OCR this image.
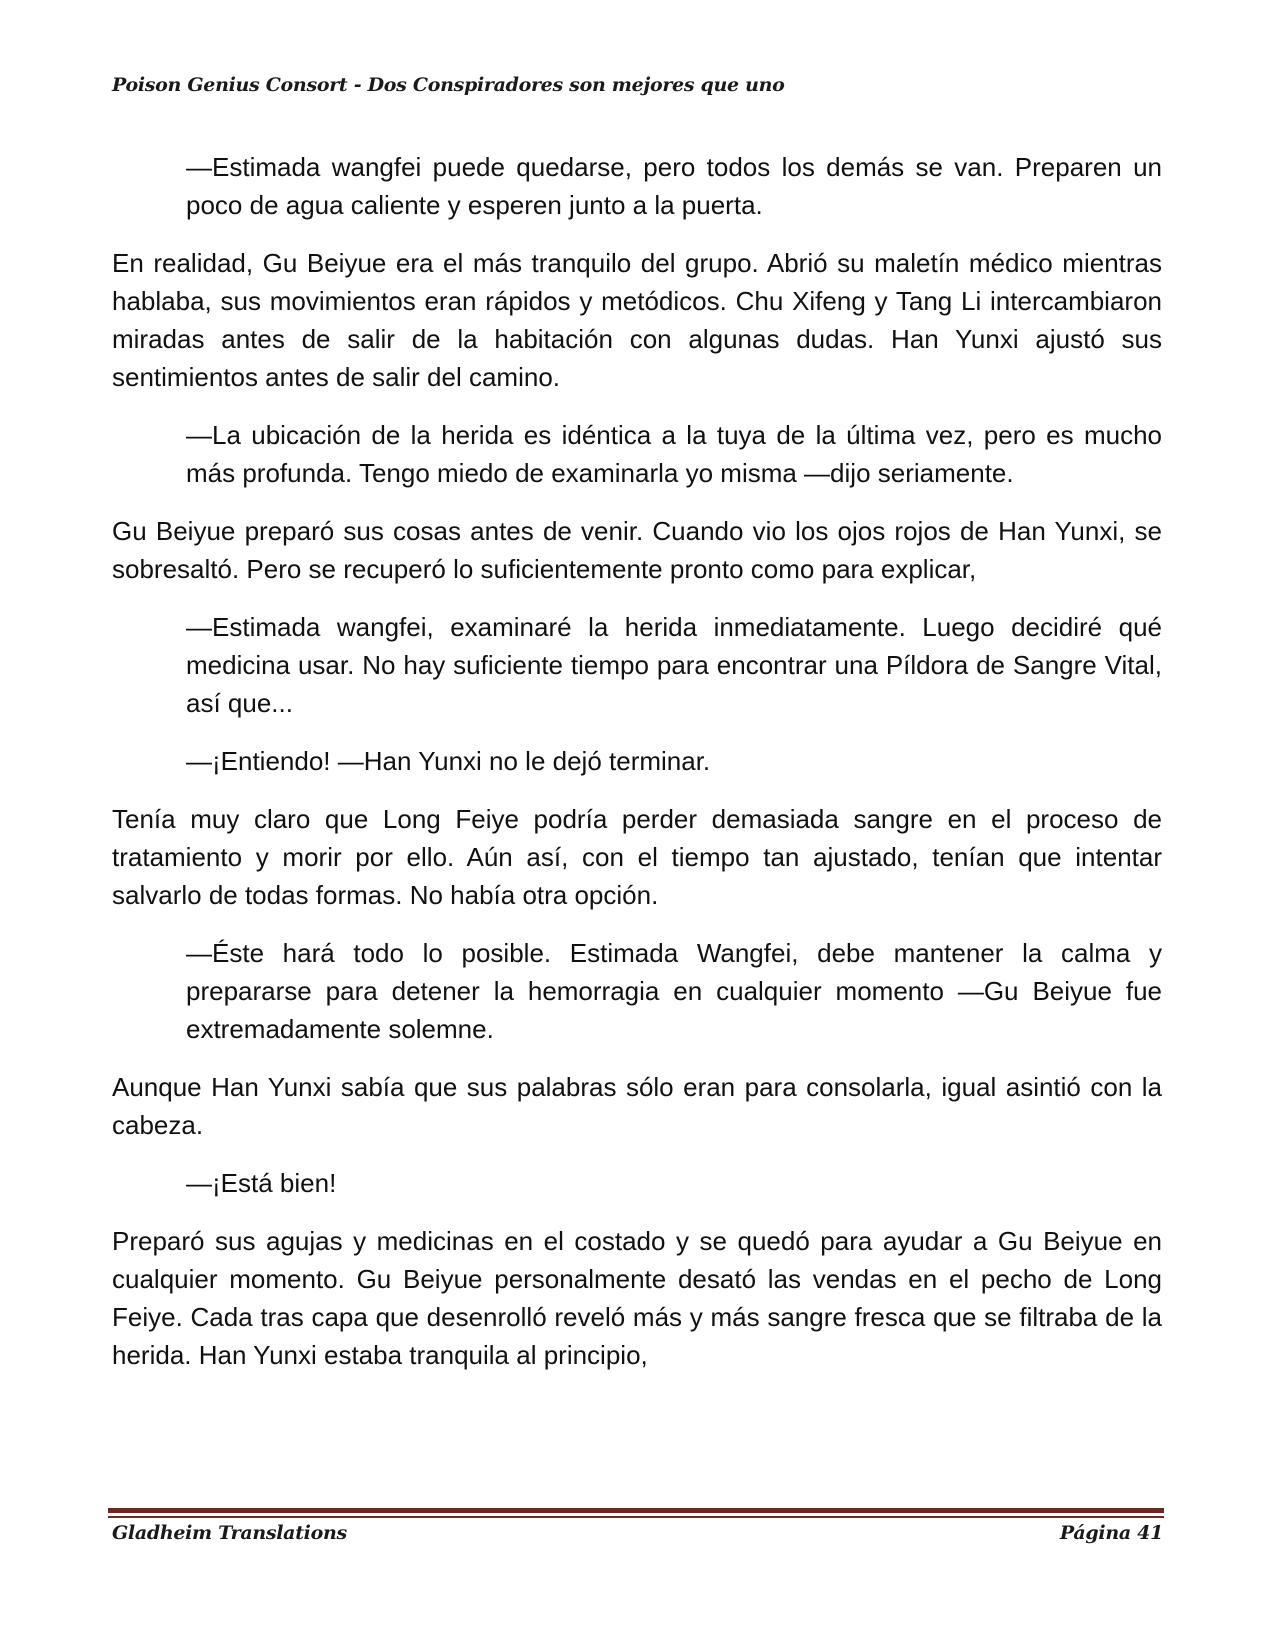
Poison Genius Consort - Dos Conspiradores son mejores que uno

—Estimada wangfei puede quedarse, pero todos los demás se van. Preparen un poco de agua caliente y esperen junto a la puerta.

En realidad, Gu Beiyue era el más tranquilo del grupo. Abrió su maletín médico mientras hablaba, sus movimientos eran rápidos y metódicos. Chu Xifeng y Tang Li intercambiaron miradas antes de salir de la habitación con algunas dudas. Han Yunxi ajustó sus sentimientos antes de salir del camino.

—La ubicación de la herida es idéntica a la tuya de la última vez, pero es mucho más profunda. Tengo miedo de examinarla yo misma —dijo seriamente.

Gu Beiyue preparó sus cosas antes de venir. Cuando vio los ojos rojos de Han Yunxi, se sobresaltó. Pero se recuperó lo suficientemente pronto como para explicar,

—Estimada wangfei, examinaré la herida inmediatamente. Luego decidiré qué medicina usar. No hay suficiente tiempo para encontrar una Píldora de Sangre Vital, así que...

—¡Entiendo! —Han Yunxi no le dejó terminar.

Tenía muy claro que Long Feiye podría perder demasiada sangre en el proceso de tratamiento y morir por ello. Aún así, con el tiempo tan ajustado, tenían que intentar salvarlo de todas formas. No había otra opción.

—Éste hará todo lo posible. Estimada Wangfei, debe mantener la calma y prepararse para detener la hemorragia en cualquier momento —Gu Beiyue fue extremadamente solemne.

Aunque Han Yunxi sabía que sus palabras sólo eran para consolarla, igual asintió con la cabeza.

—¡Está bien!

Preparó sus agujas y medicinas en el costado y se quedó para ayudar a Gu Beiyue en cualquier momento. Gu Beiyue personalmente desató las vendas en el pecho de Long Feiye. Cada tras capa que desenrolló reveló más y más sangre fresca que se filtraba de la herida. Han Yunxi estaba tranquila al principio,

Gladheim Translations	Página 41
